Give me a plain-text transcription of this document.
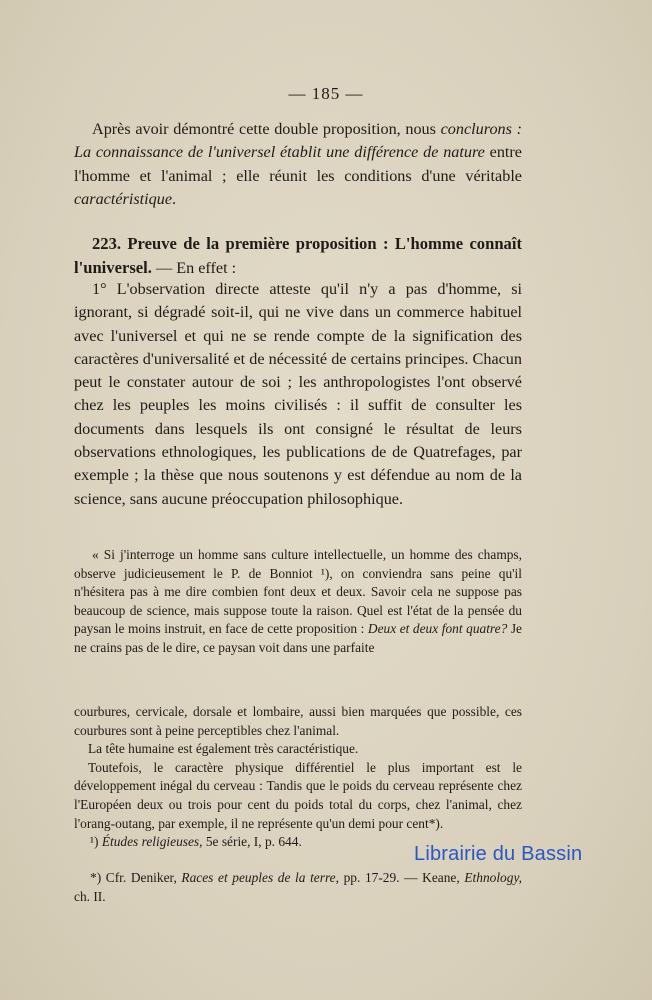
— 185 —
Après avoir démontré cette double proposition, nous conclurons : La connaissance de l'universel établit une différence de nature entre l'homme et l'animal ; elle réunit les conditions d'une véritable caractéristique.
223. Preuve de la première proposition : L'homme connaît l'universel. — En effet :
1° L'observation directe atteste qu'il n'y a pas d'homme, si ignorant, si dégradé soit-il, qui ne vive dans un commerce habituel avec l'universel et qui ne se rende compte de la signification des caractères d'universalité et de nécessité de certains principes. Chacun peut le constater autour de soi ; les anthropologistes l'ont observé chez les peuples les moins civilisés : il suffit de consulter les documents dans lesquels ils ont consigné le résultat de leurs observations ethnologiques, les publications de de Quatrefages, par exemple ; la thèse que nous soutenons y est défendue au nom de la science, sans aucune préoccupation philosophique.
« Si j'interroge un homme sans culture intellectuelle, un homme des champs, observe judicieusement le P. de Bonniot ¹), on conviendra sans peine qu'il n'hésitera pas à me dire combien font deux et deux. Savoir cela ne suppose pas beaucoup de science, mais suppose toute la raison. Quel est l'état de la pensée du paysan le moins instruit, en face de cette proposition : Deux et deux font quatre? Je ne crains pas de le dire, ce paysan voit dans une parfaite
courbures, cervicale, dorsale et lombaire, aussi bien marquées que possible, ces courbures sont à peine perceptibles chez l'animal.
La tête humaine est également très caractéristique.
Toutefois, le caractère physique différentiel le plus important est le développement inégal du cerveau : Tandis que le poids du cerveau représente chez l'Européen deux ou trois pour cent du poids total du corps, chez l'animal, chez l'orang-outang, par exemple, il ne représente qu'un demi pour cent*).
¹) Études religieuses, 5e série, I, p. 644.
Librairie du Bassin
*) Cfr. Deniker, Races et peuples de la terre, pp. 17-29. — Keane, Ethnology, ch. II.
